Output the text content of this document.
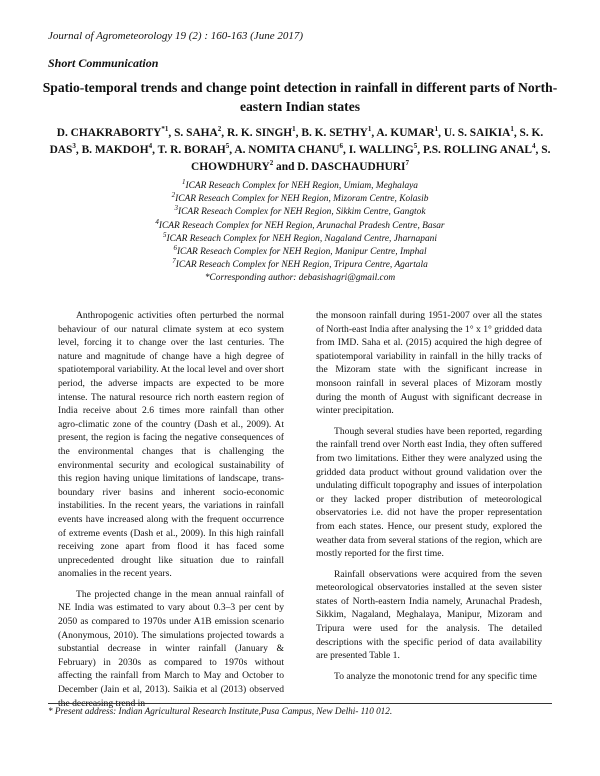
Journal of Agrometeorology 19 (2) : 160-163 (June 2017)
Short Communication
Spatio-temporal trends and change point detection in rainfall in different parts of North-eastern Indian states
D. CHAKRABORTY$^{*1}$, S. SAHA$^2$, R. K. SINGH$^1$, B. K. SETHY$^1$, A. KUMAR$^1$, U. S. SAIKIA$^1$, S. K. DAS$^3$, B. MAKDOH$^4$, T. R. BORAH$^5$, A. NOMITA CHANU$^6$, I. WALLING$^5$, P.S. ROLLING ANAL$^4$, S. CHOWDHURY$^2$ and D. DASCHAUDHURI$^7$
$^1$ICAR Reseach Complex for NEH Region, Umiam, Meghalaya
$^2$ICAR Reseach Complex for NEH Region, Mizoram Centre, Kolasib
$^3$ICAR Reseach Complex for NEH Region, Sikkim Centre, Gangtok
$^4$ICAR Reseach Complex for NEH Region, Arunachal Pradesh Centre, Basar
$^5$ICAR Reseach Complex for NEH Region, Nagaland Centre, Jharnapani
$^6$ICAR Reseach Complex for NEH Region, Manipur Centre, Imphal
$^7$ICAR Reseach Complex for NEH Region, Tripura Centre, Agartala
*Corresponding author: debasishagri@gmail.com

Anthropogenic activities often perturbed the normal behaviour of our natural climate system at eco system level, forcing it to change over the last centuries. The nature and magnitude of change have a high degree of spatiotemporal variability. At the local level and over short period, the adverse impacts are expected to be more intense. The natural resource rich north eastern region of India receive about 2.6 times more rainfall than other agro-climatic zone of the country (Dash et al., 2009). At present, the region is facing the negative consequences of the environmental changes that is challenging the environmental security and ecological sustainability of this region having unique limitations of landscape, trans-boundary river basins and inherent socio-economic instabilities. In the recent years, the variations in rainfall events have increased along with the frequent occurrence of extreme events (Dash et al., 2009). In this high rainfall receiving zone apart from flood it has faced some unprecedented drought like situation due to rainfall anomalies in the recent years.

The projected change in the mean annual rainfall of NE India was estimated to vary about 0.3–3 per cent by 2050 as compared to 1970s under A1B emission scenario (Anonymous, 2010). The simulations projected towards a substantial decrease in winter rainfall (January & February) in 2030s as compared to 1970s without affecting the rainfall from March to May and October to December (Jain et al, 2013). Saikia et al (2013) observed the decreasing trend in

the monsoon rainfall during 1951-2007 over all the states of North-east India after analysing the 1° x 1° gridded data from IMD. Saha et al. (2015) acquired the high degree of spatiotemporal variability in rainfall in the hilly tracks of the Mizoram state with the significant increase in monsoon rainfall in several places of Mizoram mostly during the month of August with significant decrease in winter precipitation.

Though several studies have been reported, regarding the rainfall trend over North east India, they often suffered from two limitations. Either they were analyzed using the gridded data product without ground validation over the undulating difficult topography and issues of interpolation or they lacked proper distribution of meteorological observatories i.e. did not have the proper representation from each states. Hence, our present study, explored the weather data from several stations of the region, which are mostly reported for the first time.

Rainfall observations were acquired from the seven meteorological observatories installed at the seven sister states of North-eastern India namely, Arunachal Pradesh, Sikkim, Nagaland, Meghalaya, Manipur, Mizoram and Tripura were used for the analysis. The detailed descriptions with the specific period of data availability are presented Table 1.

To analyze the monotonic trend for any specific time

* Present address: Indian Agricultural Research Institute,Pusa Campus, New Delhi- 110 012.
